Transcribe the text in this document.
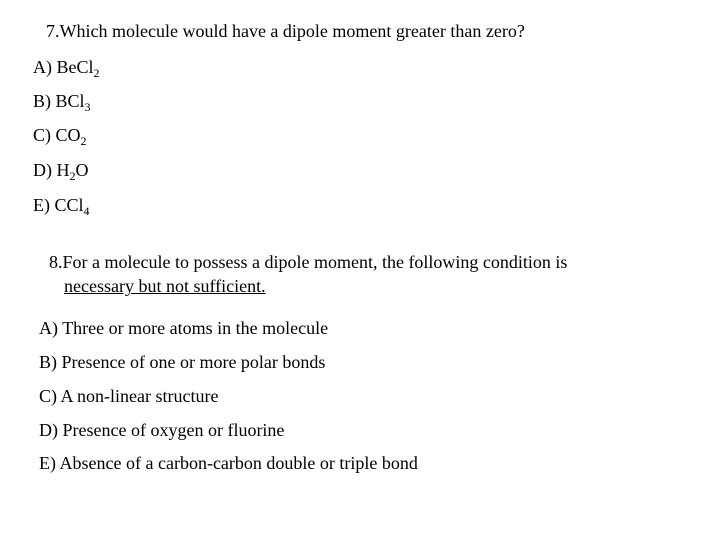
7.Which molecule would have a dipole moment greater than zero?
A) BeCl$_2$
B) BCl$_3$
C) $CO_2$
D) $H_2O$
E) CCl$_4$
8.For a molecule to possess a dipole moment, the following condition is
necessary but not sufficient.
A) Three or more atoms in the molecule
B) Presence of one or more polar bonds
C) A non-linear structure
D) Presence of oxygen or fluorine
E) Absence of a carbon-carbon double or triple bond
